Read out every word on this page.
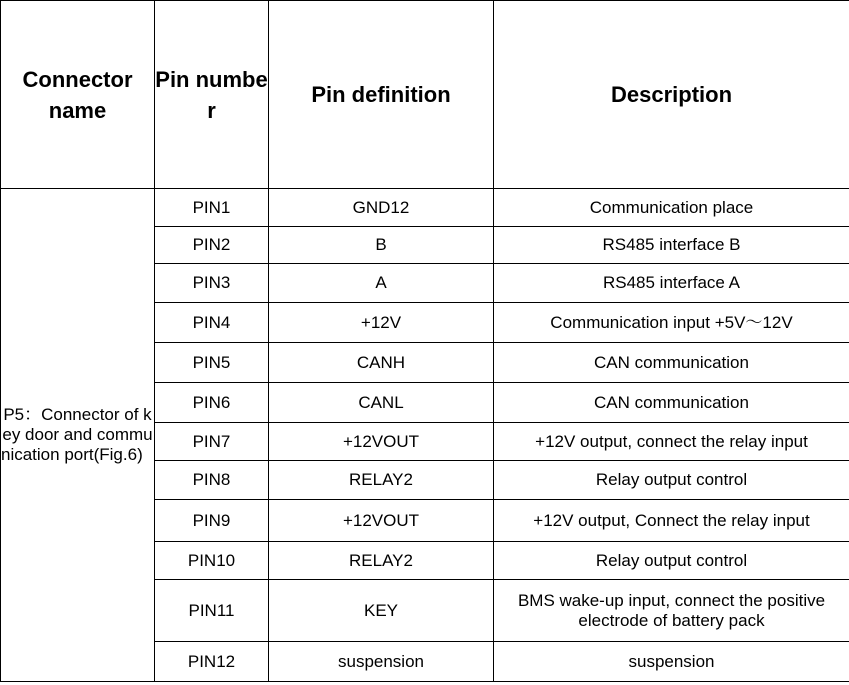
Connector name	Pin number	Pin definition	Description
P5：Connector of key door and communication port(Fig.6)	PIN1	GND12	Communication place
	PIN2	B	RS485 interface B
	PIN3	A	RS485 interface A
	PIN4	+12V	Communication input +5V～12V
	PIN5	CANH	CAN communication
	PIN6	CANL	CAN communication
	PIN7	+12VOUT	+12V output, connect the relay input
	PIN8	RELAY2	Relay output control
	PIN9	+12VOUT	+12V output, Connect the relay input
	PIN10	RELAY2	Relay output control
	PIN11	KEY	BMS wake-up input, connect the positive electrode of battery pack
	PIN12	suspension	suspension
